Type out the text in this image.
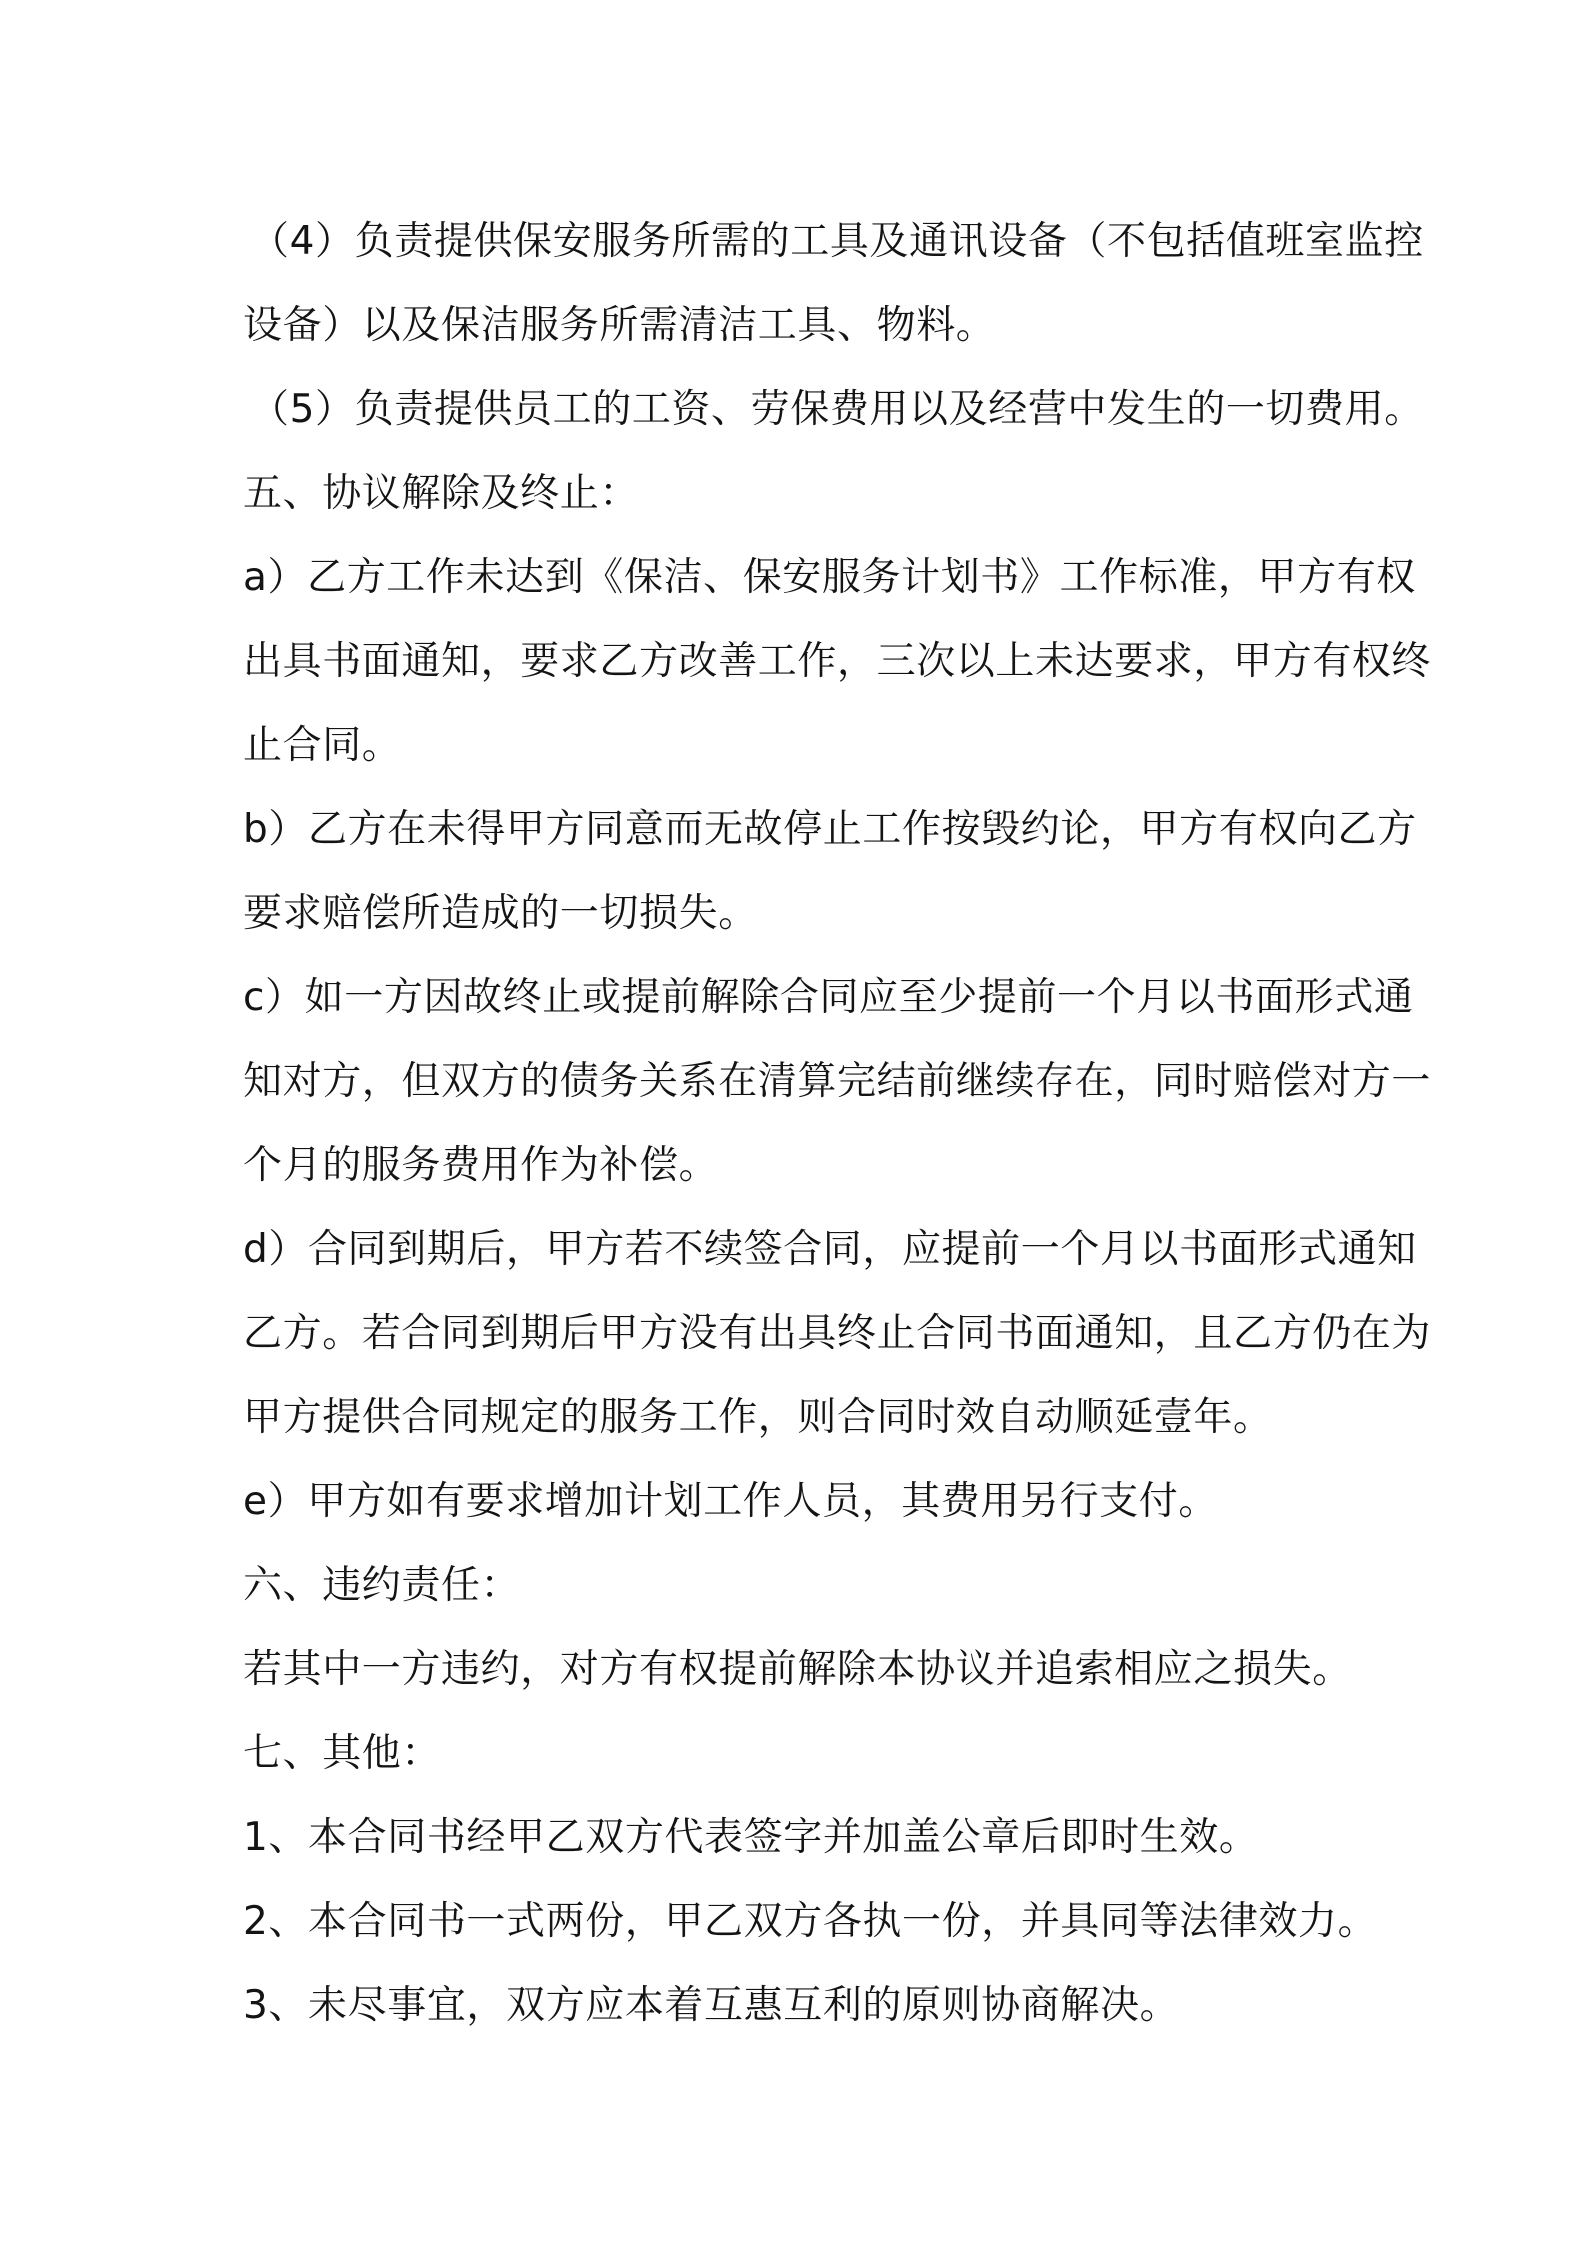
（4）负责提供保安服务所需的工具及通讯设备（不包括值班室监控

设备）以及保洁服务所需清洁工具、物料。

（5）负责提供员工的工资、劳保费用以及经营中发生的一切费用。

五、协议解除及终止：

a）乙方工作未达到《保洁、保安服务计划书》工作标准，甲方有权

出具书面通知，要求乙方改善工作，三次以上未达要求，甲方有权终

止合同。

b）乙方在未得甲方同意而无故停止工作按毁约论，甲方有权向乙方

要求赔偿所造成的一切损失。

c）如一方因故终止或提前解除合同应至少提前一个月以书面形式通

知对方，但双方的债务关系在清算完结前继续存在，同时赔偿对方一

个月的服务费用作为补偿。

d）合同到期后，甲方若不续签合同，应提前一个月以书面形式通知

乙方。若合同到期后甲方没有出具终止合同书面通知，且乙方仍在为

甲方提供合同规定的服务工作，则合同时效自动顺延壹年。

e）甲方如有要求增加计划工作人员，其费用另行支付。

六、违约责任：

若其中一方违约，对方有权提前解除本协议并追索相应之损失。

七、其他：

1、本合同书经甲乙双方代表签字并加盖公章后即时生效。

2、本合同书一式两份，甲乙双方各执一份，并具同等法律效力。

3、未尽事宜，双方应本着互惠互利的原则协商解决。
